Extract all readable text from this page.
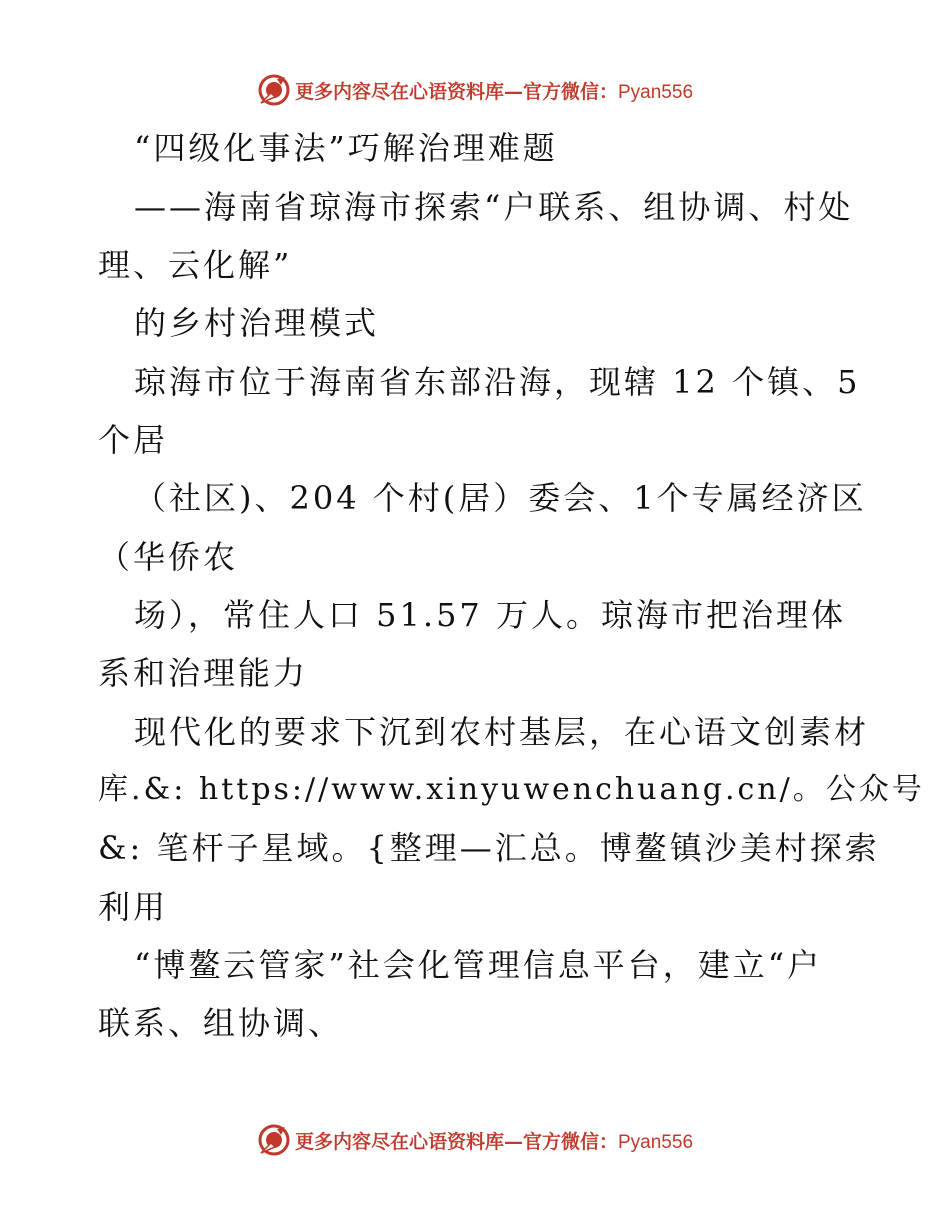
更多内容尽在心语资料库—官方微信：Pyan556
“四级化事法”巧解治理难题
——海南省琼海市探索“户联系、组协调、村处
理、云化解”
的乡村治理模式
琼海市位于海南省东部沿海，现辖 12 个镇、5
个居
（社区)、204 个村(居）委会、1个专属经济区
（华侨农
场），常住人口 51.57 万人。琼海市把治理体
系和治理能力
现代化的要求下沉到农村基层，在心语文创素材
库.&: https://www.xinyuwenchuang.cn/。公众号
&: 笔杆子星域。{整理—汇总。博鳌镇沙美村探索
利用
“博鳌云管家”社会化管理信息平台，建立“户
联系、组协调、
更多内容尽在心语资料库—官方微信：Pyan556
